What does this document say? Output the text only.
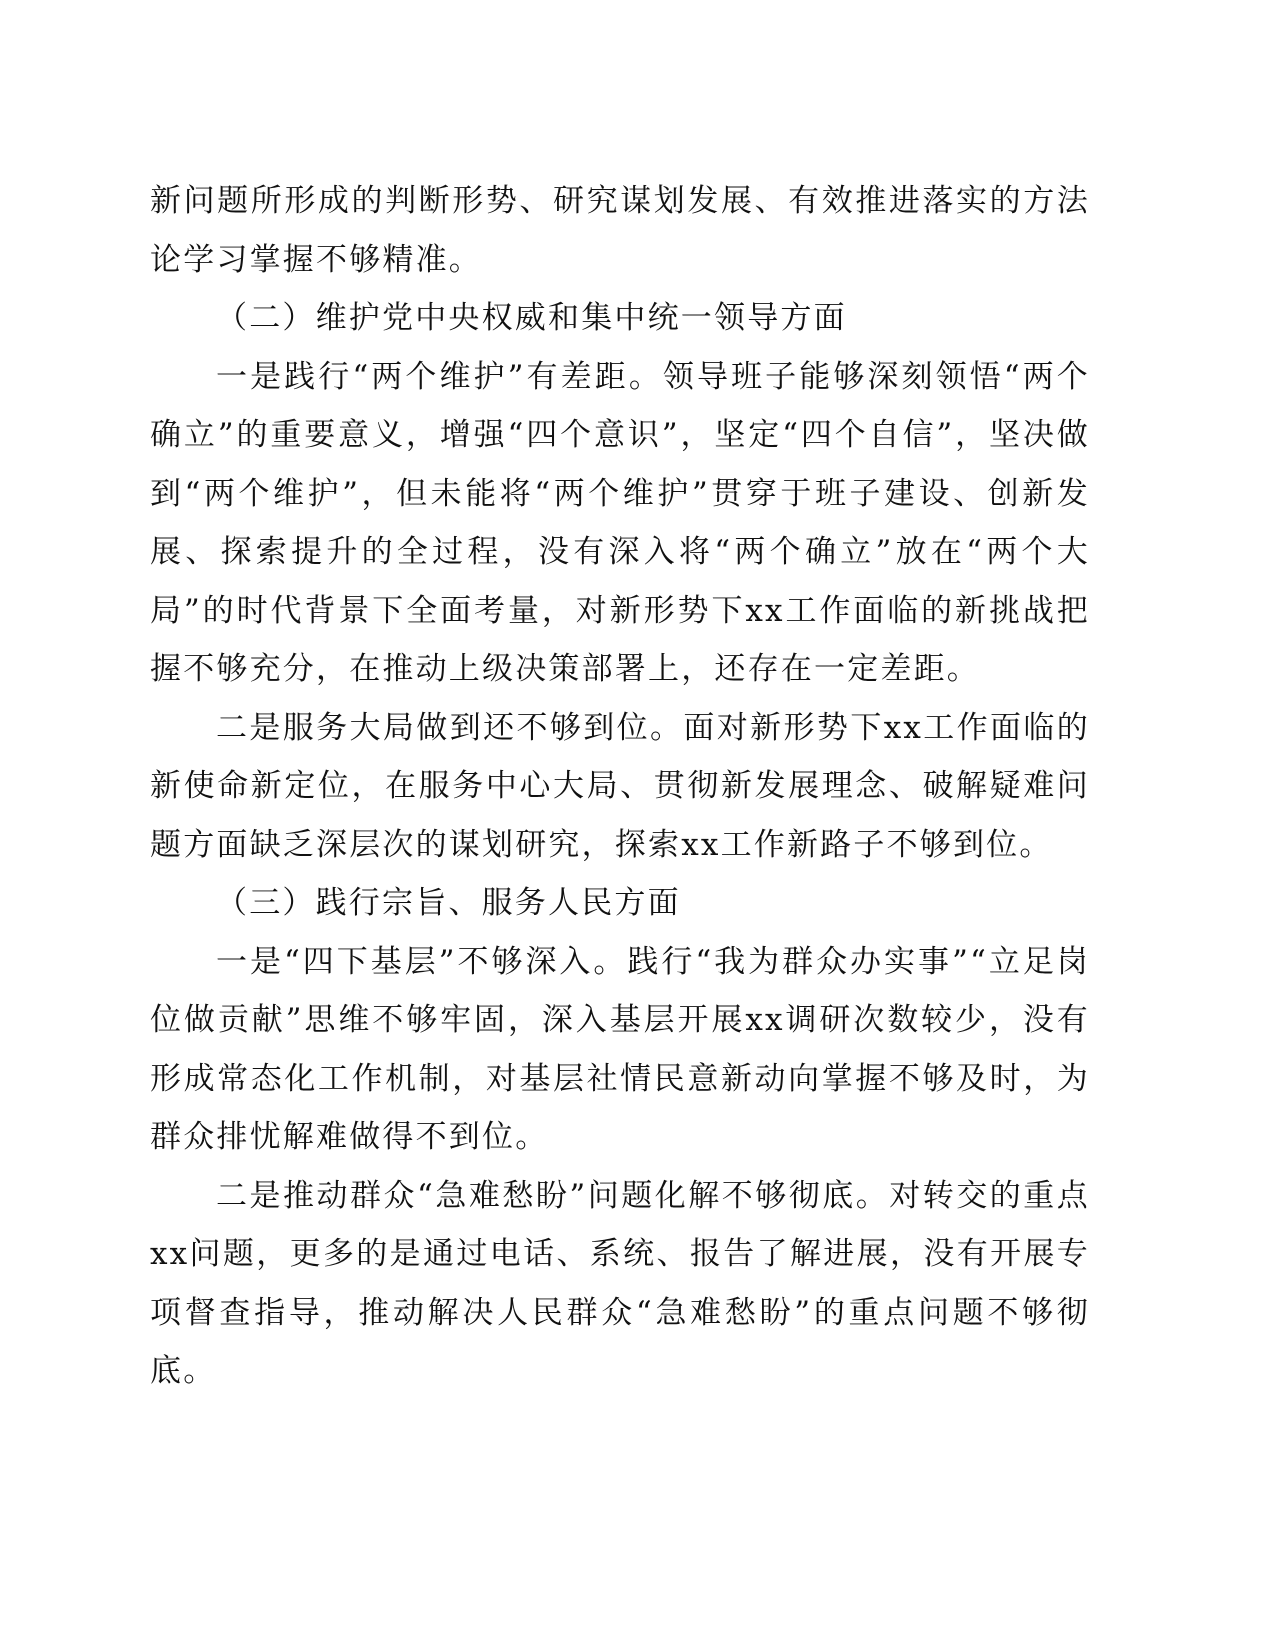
新问题所形成的判断形势、研究谋划发展、有效推进落实的方法论学习掌握不够精准。

（二）维护党中央权威和集中统一领导方面

一是践行“两个维护”有差距。领导班子能够深刻领悟“两个确立”的重要意义，增强“四个意识”，坚定“四个自信”，坚决做到“两个维护”，但未能将“两个维护”贯穿于班子建设、创新发展、探索提升的全过程，没有深入将“两个确立”放在“两个大局”的时代背景下全面考量，对新形势下xx工作面临的新挑战把握不够充分，在推动上级决策部署上，还存在一定差距。

二是服务大局做到还不够到位。面对新形势下xx工作面临的新使命新定位，在服务中心大局、贯彻新发展理念、破解疑难问题方面缺乏深层次的谋划研究，探索xx工作新路子不够到位。

（三）践行宗旨、服务人民方面

一是“四下基层”不够深入。践行“我为群众办实事”“立足岗位做贡献”思维不够牢固，深入基层开展xx调研次数较少，没有形成常态化工作机制，对基层社情民意新动向掌握不够及时，为群众排忧解难做得不到位。

二是推动群众“急难愁盼”问题化解不够彻底。对转交的重点xx问题，更多的是通过电话、系统、报告了解进展，没有开展专项督查指导，推动解决人民群众“急难愁盼”的重点问题不够彻底。
